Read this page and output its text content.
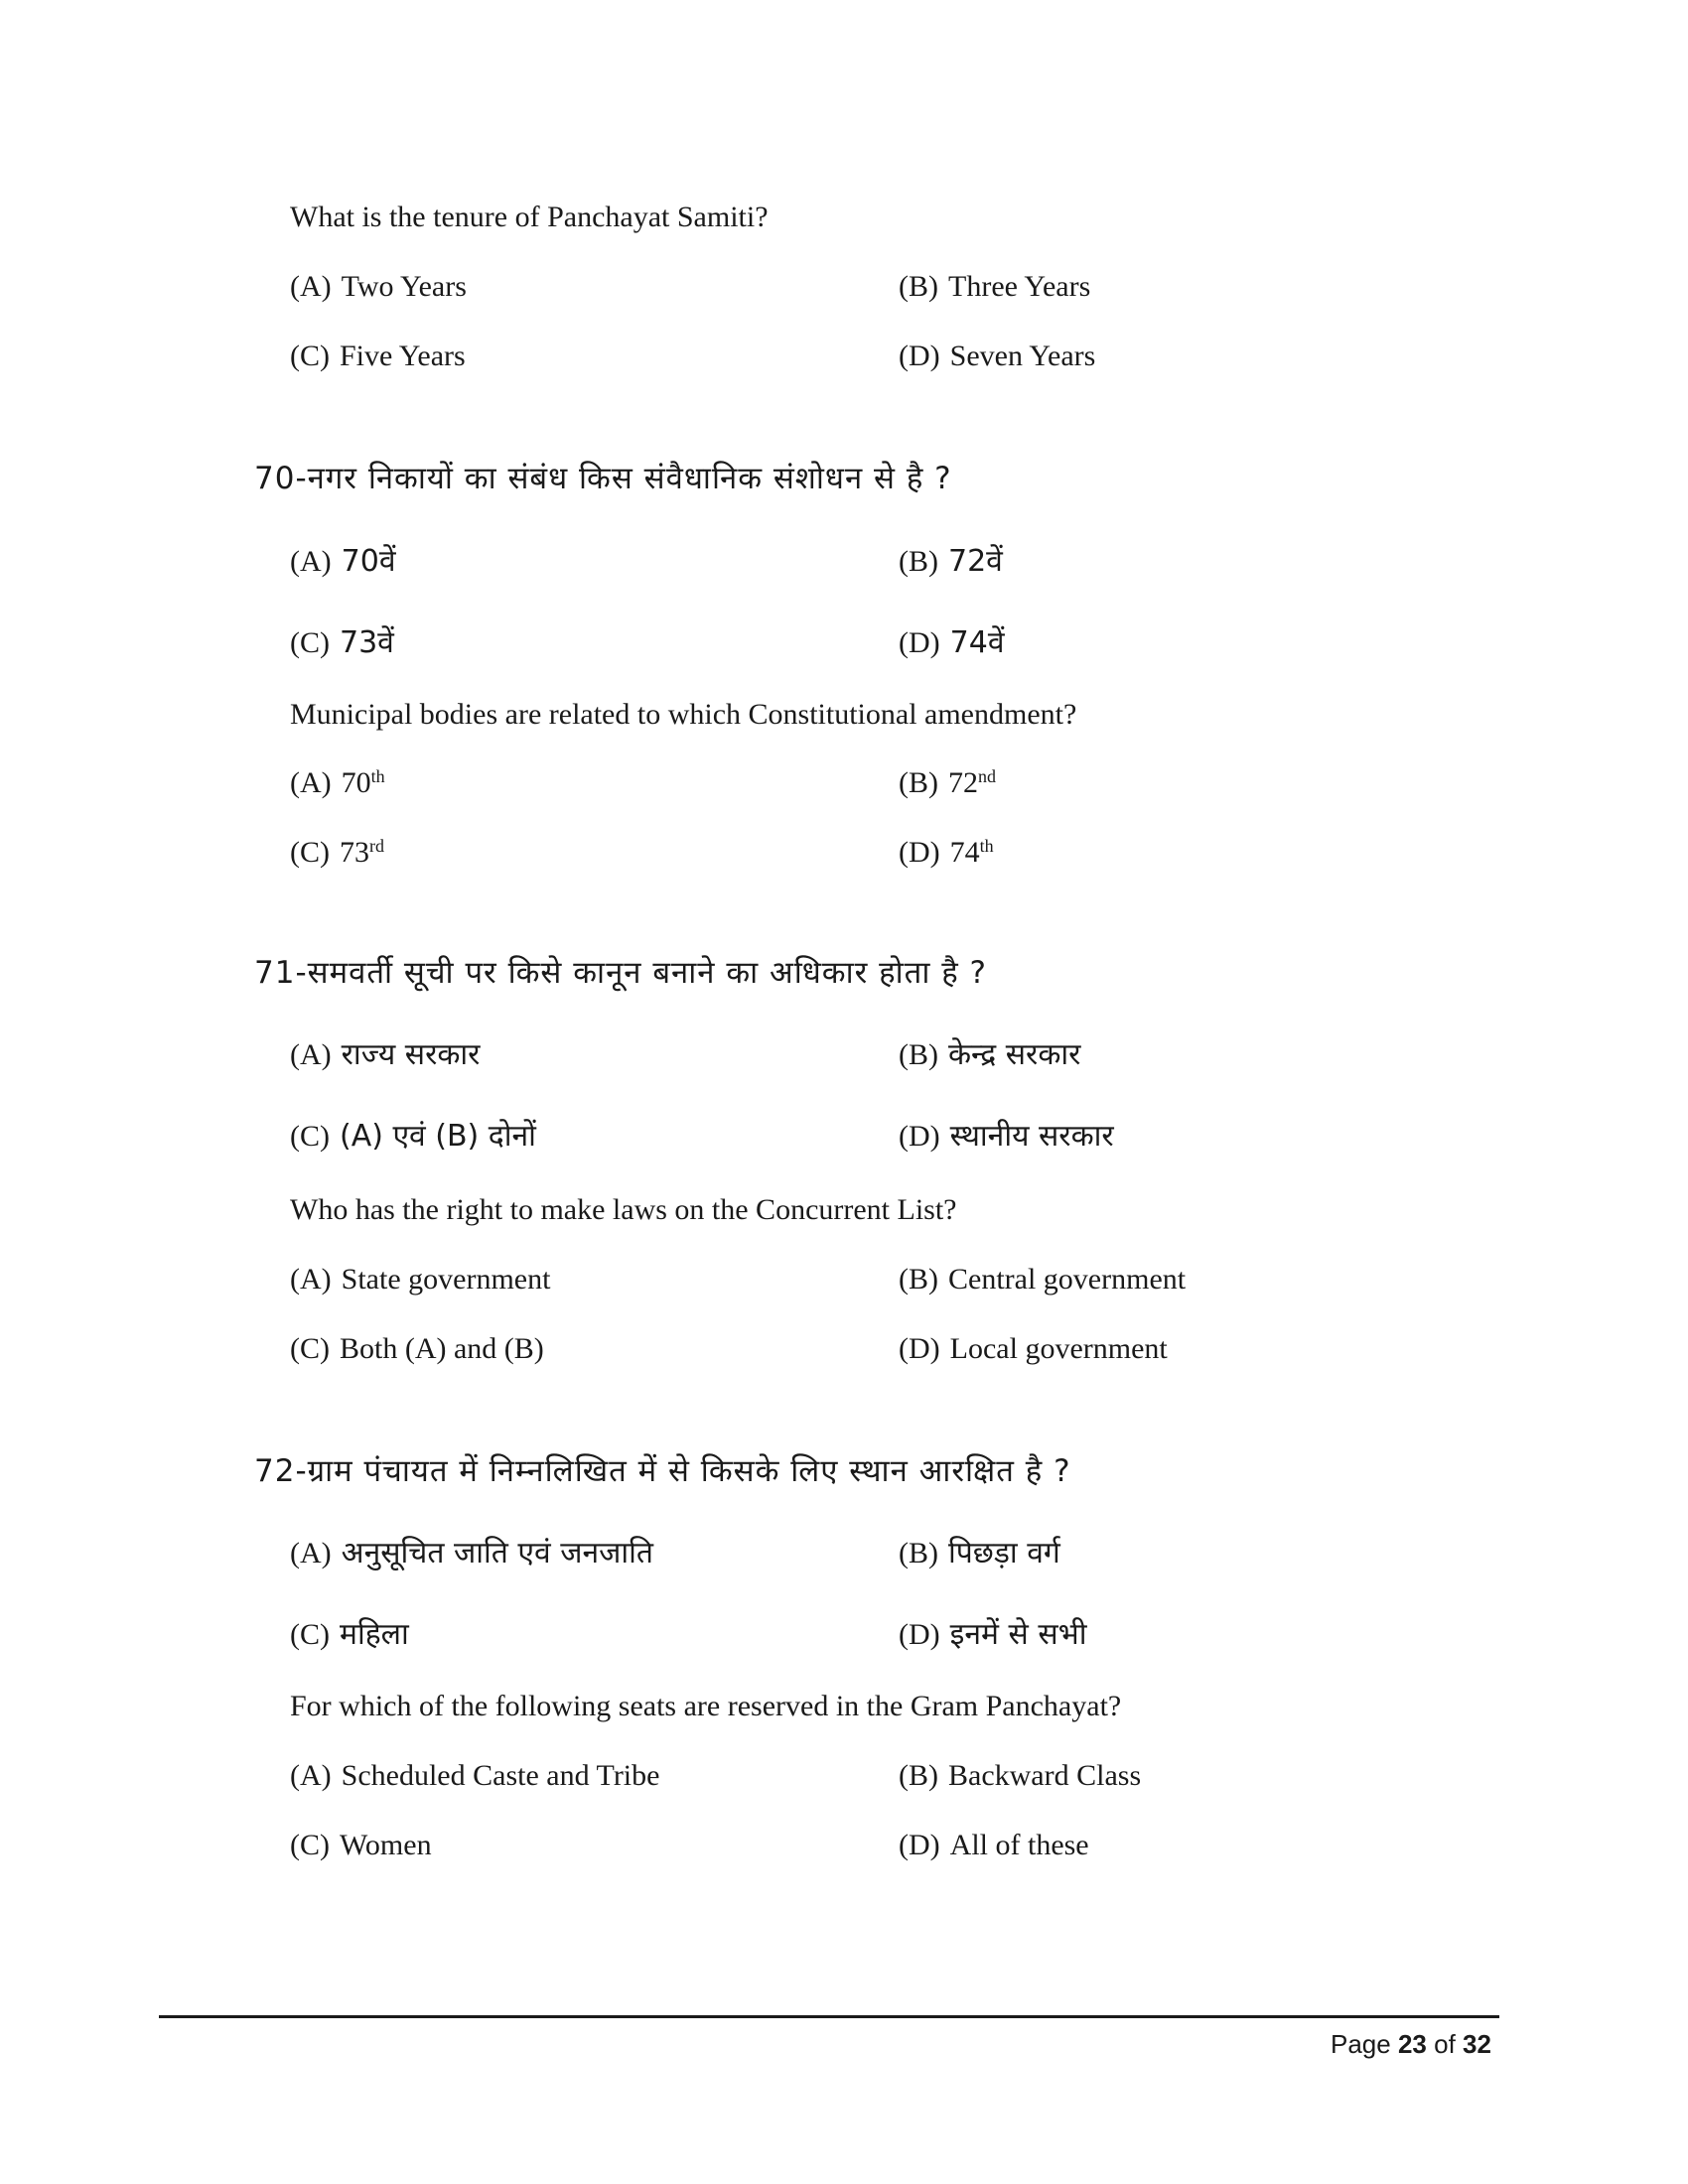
What is the tenure of Panchayat Samiti?
(A) Two Years	(B) Three Years
(C) Five Years	(D) Seven Years
70-नगर निकायों का संबंध किस संवैधानिक संशोधन से है ?
(A) 70वें	(B) 72वें
(C) 73वें	(D) 74वें
Municipal bodies are related to which Constitutional amendment?
(A) 70th	(B) 72nd
(C) 73rd	(D) 74th
71-समवर्ती सूची पर किसे कानून बनाने का अधिकार होता है ?
(A) राज्य सरकार	(B) केन्द्र सरकार
(C) (A) एवं (B) दोनों	(D) स्थानीय सरकार
Who has the right to make laws on the Concurrent List?
(A) State government	(B) Central government
(C) Both (A) and (B)	(D) Local government
72-ग्राम पंचायत में निम्नलिखित में से किसके लिए स्थान आरक्षित है ?
(A) अनुसूचित जाति एवं जनजाति	(B) पिछड़ा वर्ग
(C) महिला	(D) इनमें से सभी
For which of the following seats are reserved in the Gram Panchayat?
(A) Scheduled Caste and Tribe	(B) Backward Class
(C) Women	(D) All of these
Page 23 of 32
